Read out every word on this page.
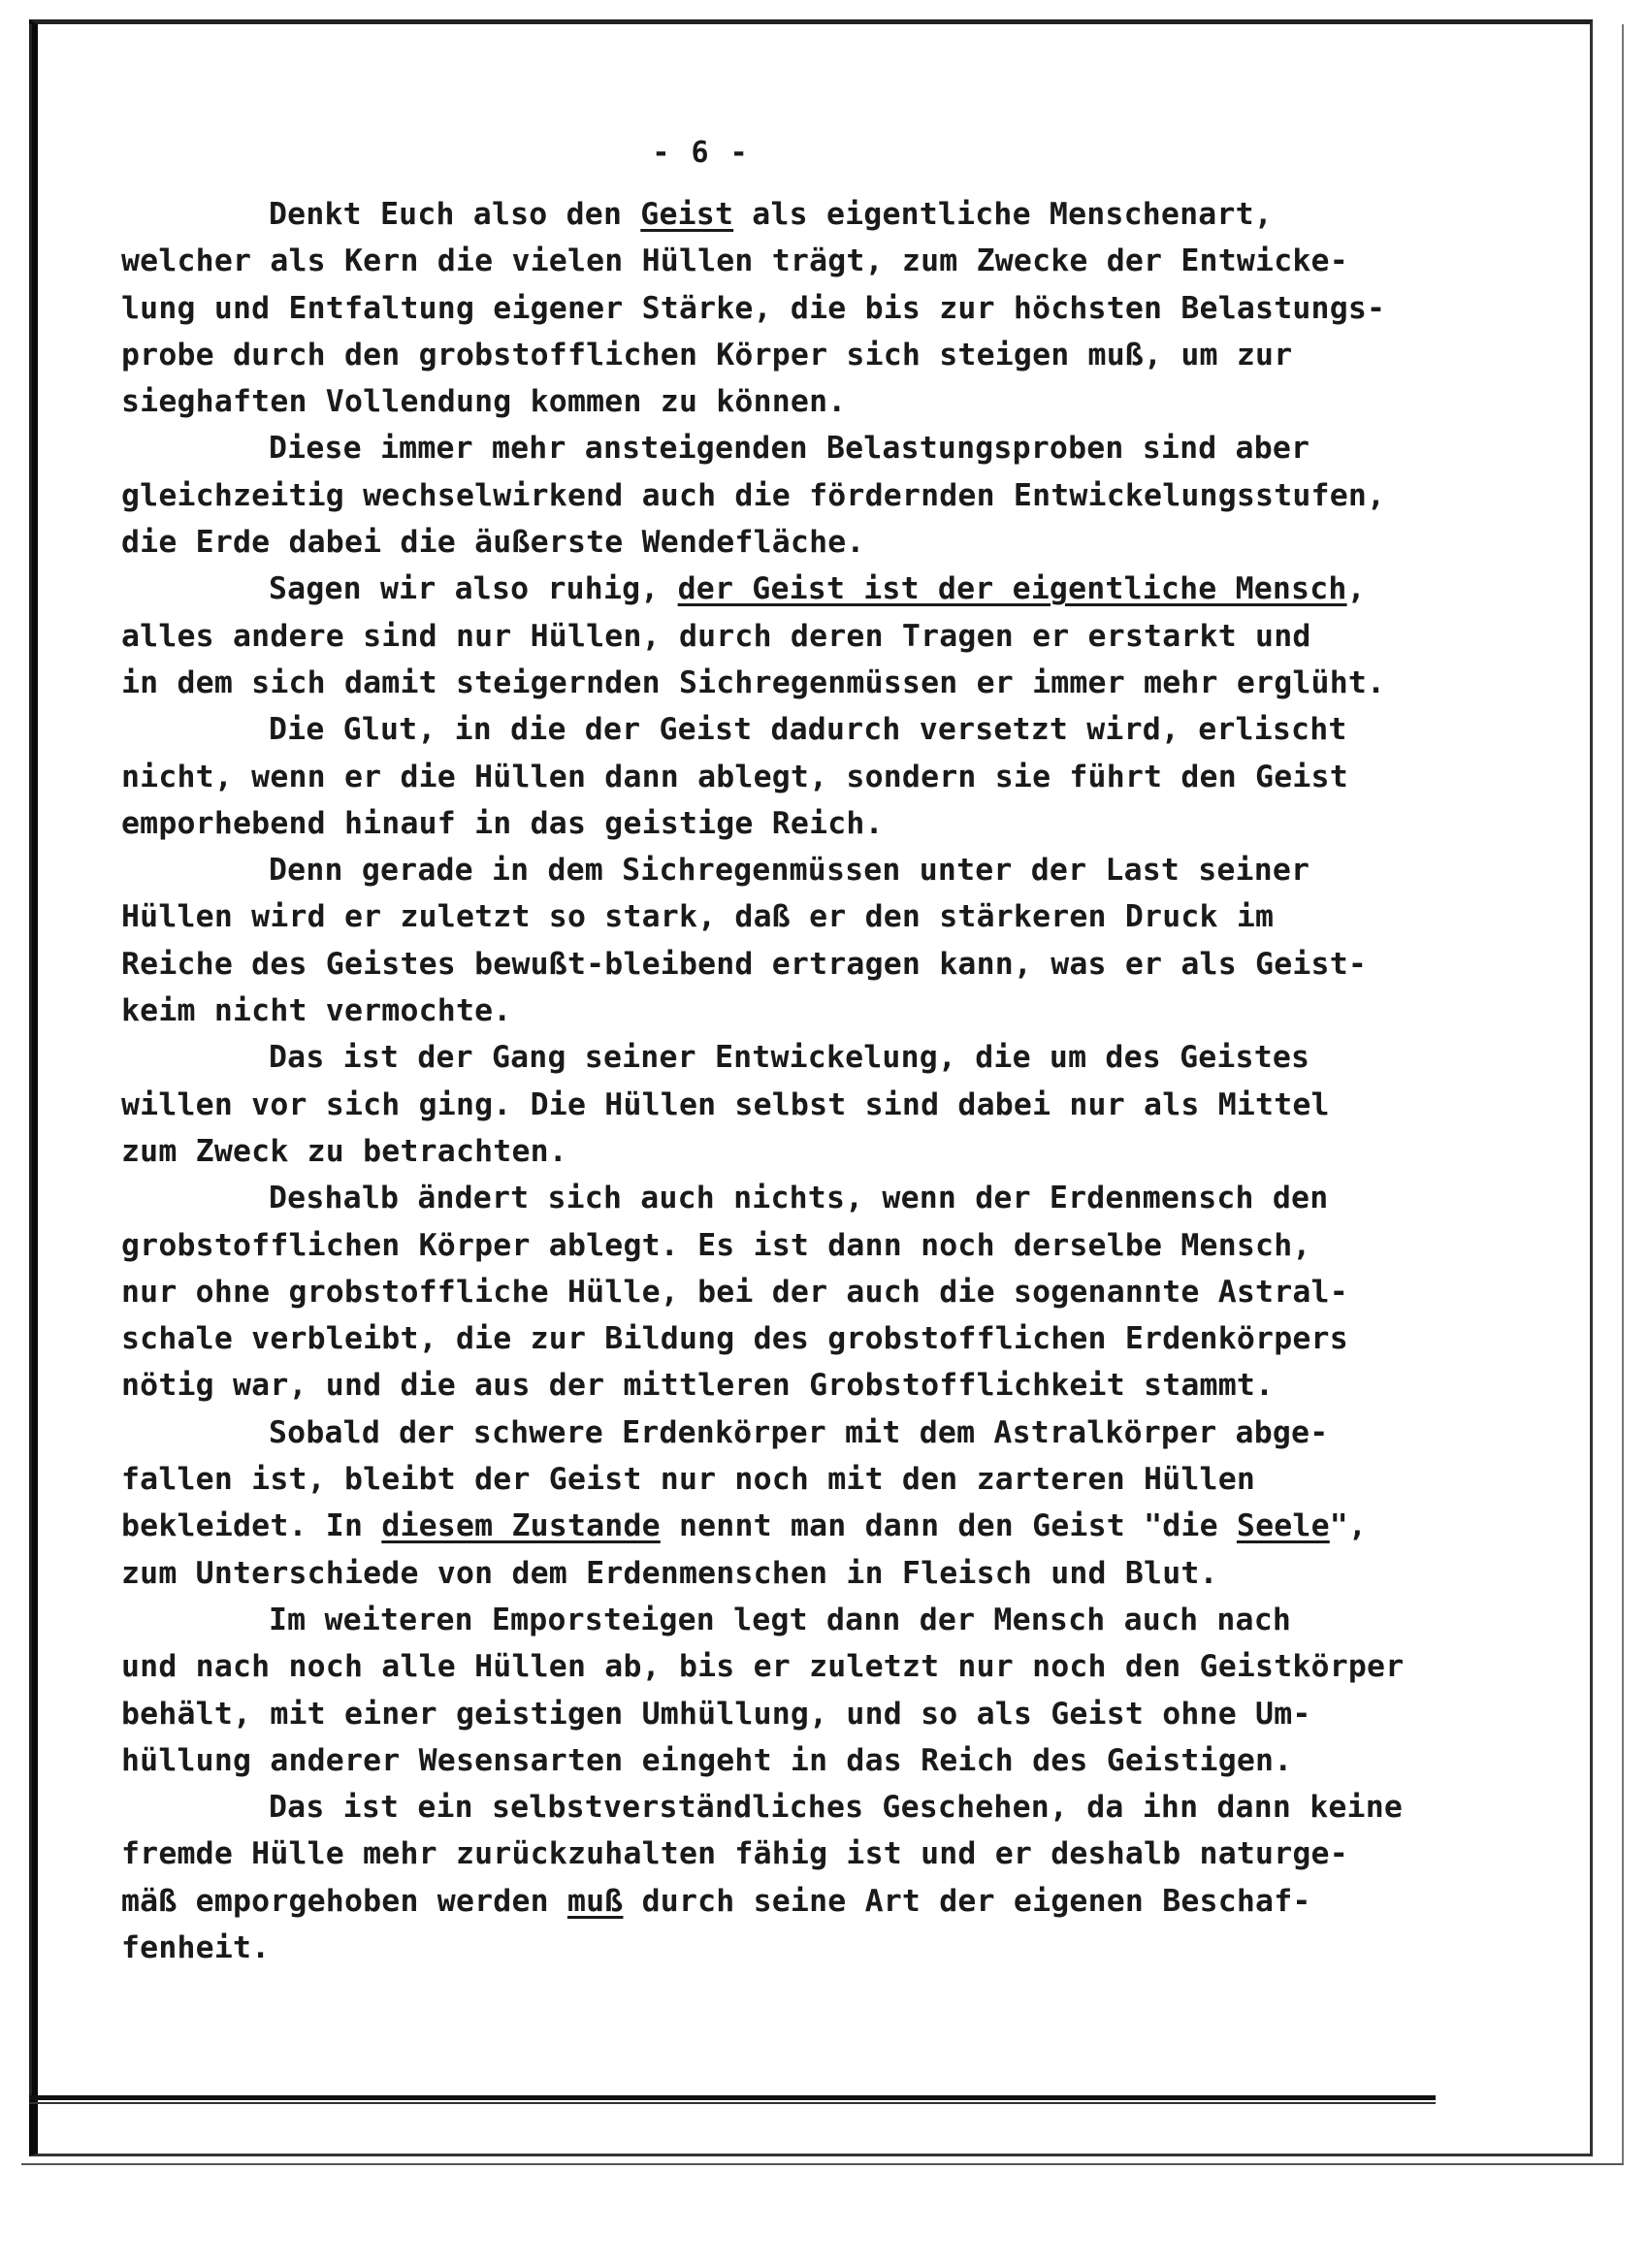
- 6 -
Denkt Euch also den Geist als eigentliche Menschenart,
welcher als Kern die vielen Hüllen trägt, zum Zwecke der Entwicke-
lung und Entfaltung eigener Stärke, die bis zur höchsten Belastungs-
probe durch den grobstofflichen Körper sich steigen muß, um zur
sieghaften Vollendung kommen zu können.
Diese immer mehr ansteigenden Belastungsproben sind aber
gleichzeitig wechselwirkend auch die fördernden Entwickelungsstufen,
die Erde dabei die äußerste Wendefläche.
Sagen wir also ruhig, der Geist ist der eigentliche Mensch,
alles andere sind nur Hüllen, durch deren Tragen er erstarkt und
in dem sich damit steigernden Sichregenmüssen er immer mehr erglüht.
Die Glut, in die der Geist dadurch versetzt wird, erlischt
nicht, wenn er die Hüllen dann ablegt, sondern sie führt den Geist
emporhebend hinauf in das geistige Reich.
Denn gerade in dem Sichregenmüssen unter der Last seiner
Hüllen wird er zuletzt so stark, daß er den stärkeren Druck im
Reiche des Geistes bewußt-bleibend ertragen kann, was er als Geist-
keim nicht vermochte.
Das ist der Gang seiner Entwickelung, die um des Geistes
willen vor sich ging. Die Hüllen selbst sind dabei nur als Mittel
zum Zweck zu betrachten.
Deshalb ändert sich auch nichts, wenn der Erdenmensch den
grobstofflichen Körper ablegt. Es ist dann noch derselbe Mensch,
nur ohne grobstoffliche Hülle, bei der auch die sogenannte Astral-
schale verbleibt, die zur Bildung des grobstofflichen Erdenkörpers
nötig war, und die aus der mittleren Grobstofflichkeit stammt.
Sobald der schwere Erdenkörper mit dem Astralkörper abge-
fallen ist, bleibt der Geist nur noch mit den zarteren Hüllen
bekleidet. In diesem Zustande nennt man dann den Geist "die Seele",
zum Unterschiede von dem Erdenmenschen in Fleisch und Blut.
Im weiteren Emporsteigen legt dann der Mensch auch nach
und nach noch alle Hüllen ab, bis er zuletzt nur noch den Geistkörper
behält, mit einer geistigen Umhüllung, und so als Geist ohne Um-
hüllung anderer Wesensarten eingeht in das Reich des Geistigen.
Das ist ein selbstverständliches Geschehen, da ihn dann keine
fremde Hülle mehr zurückzuhalten fähig ist und er deshalb naturge-
mäß emporgehoben werden muß durch seine Art der eigenen Beschaf-
fenheit.
